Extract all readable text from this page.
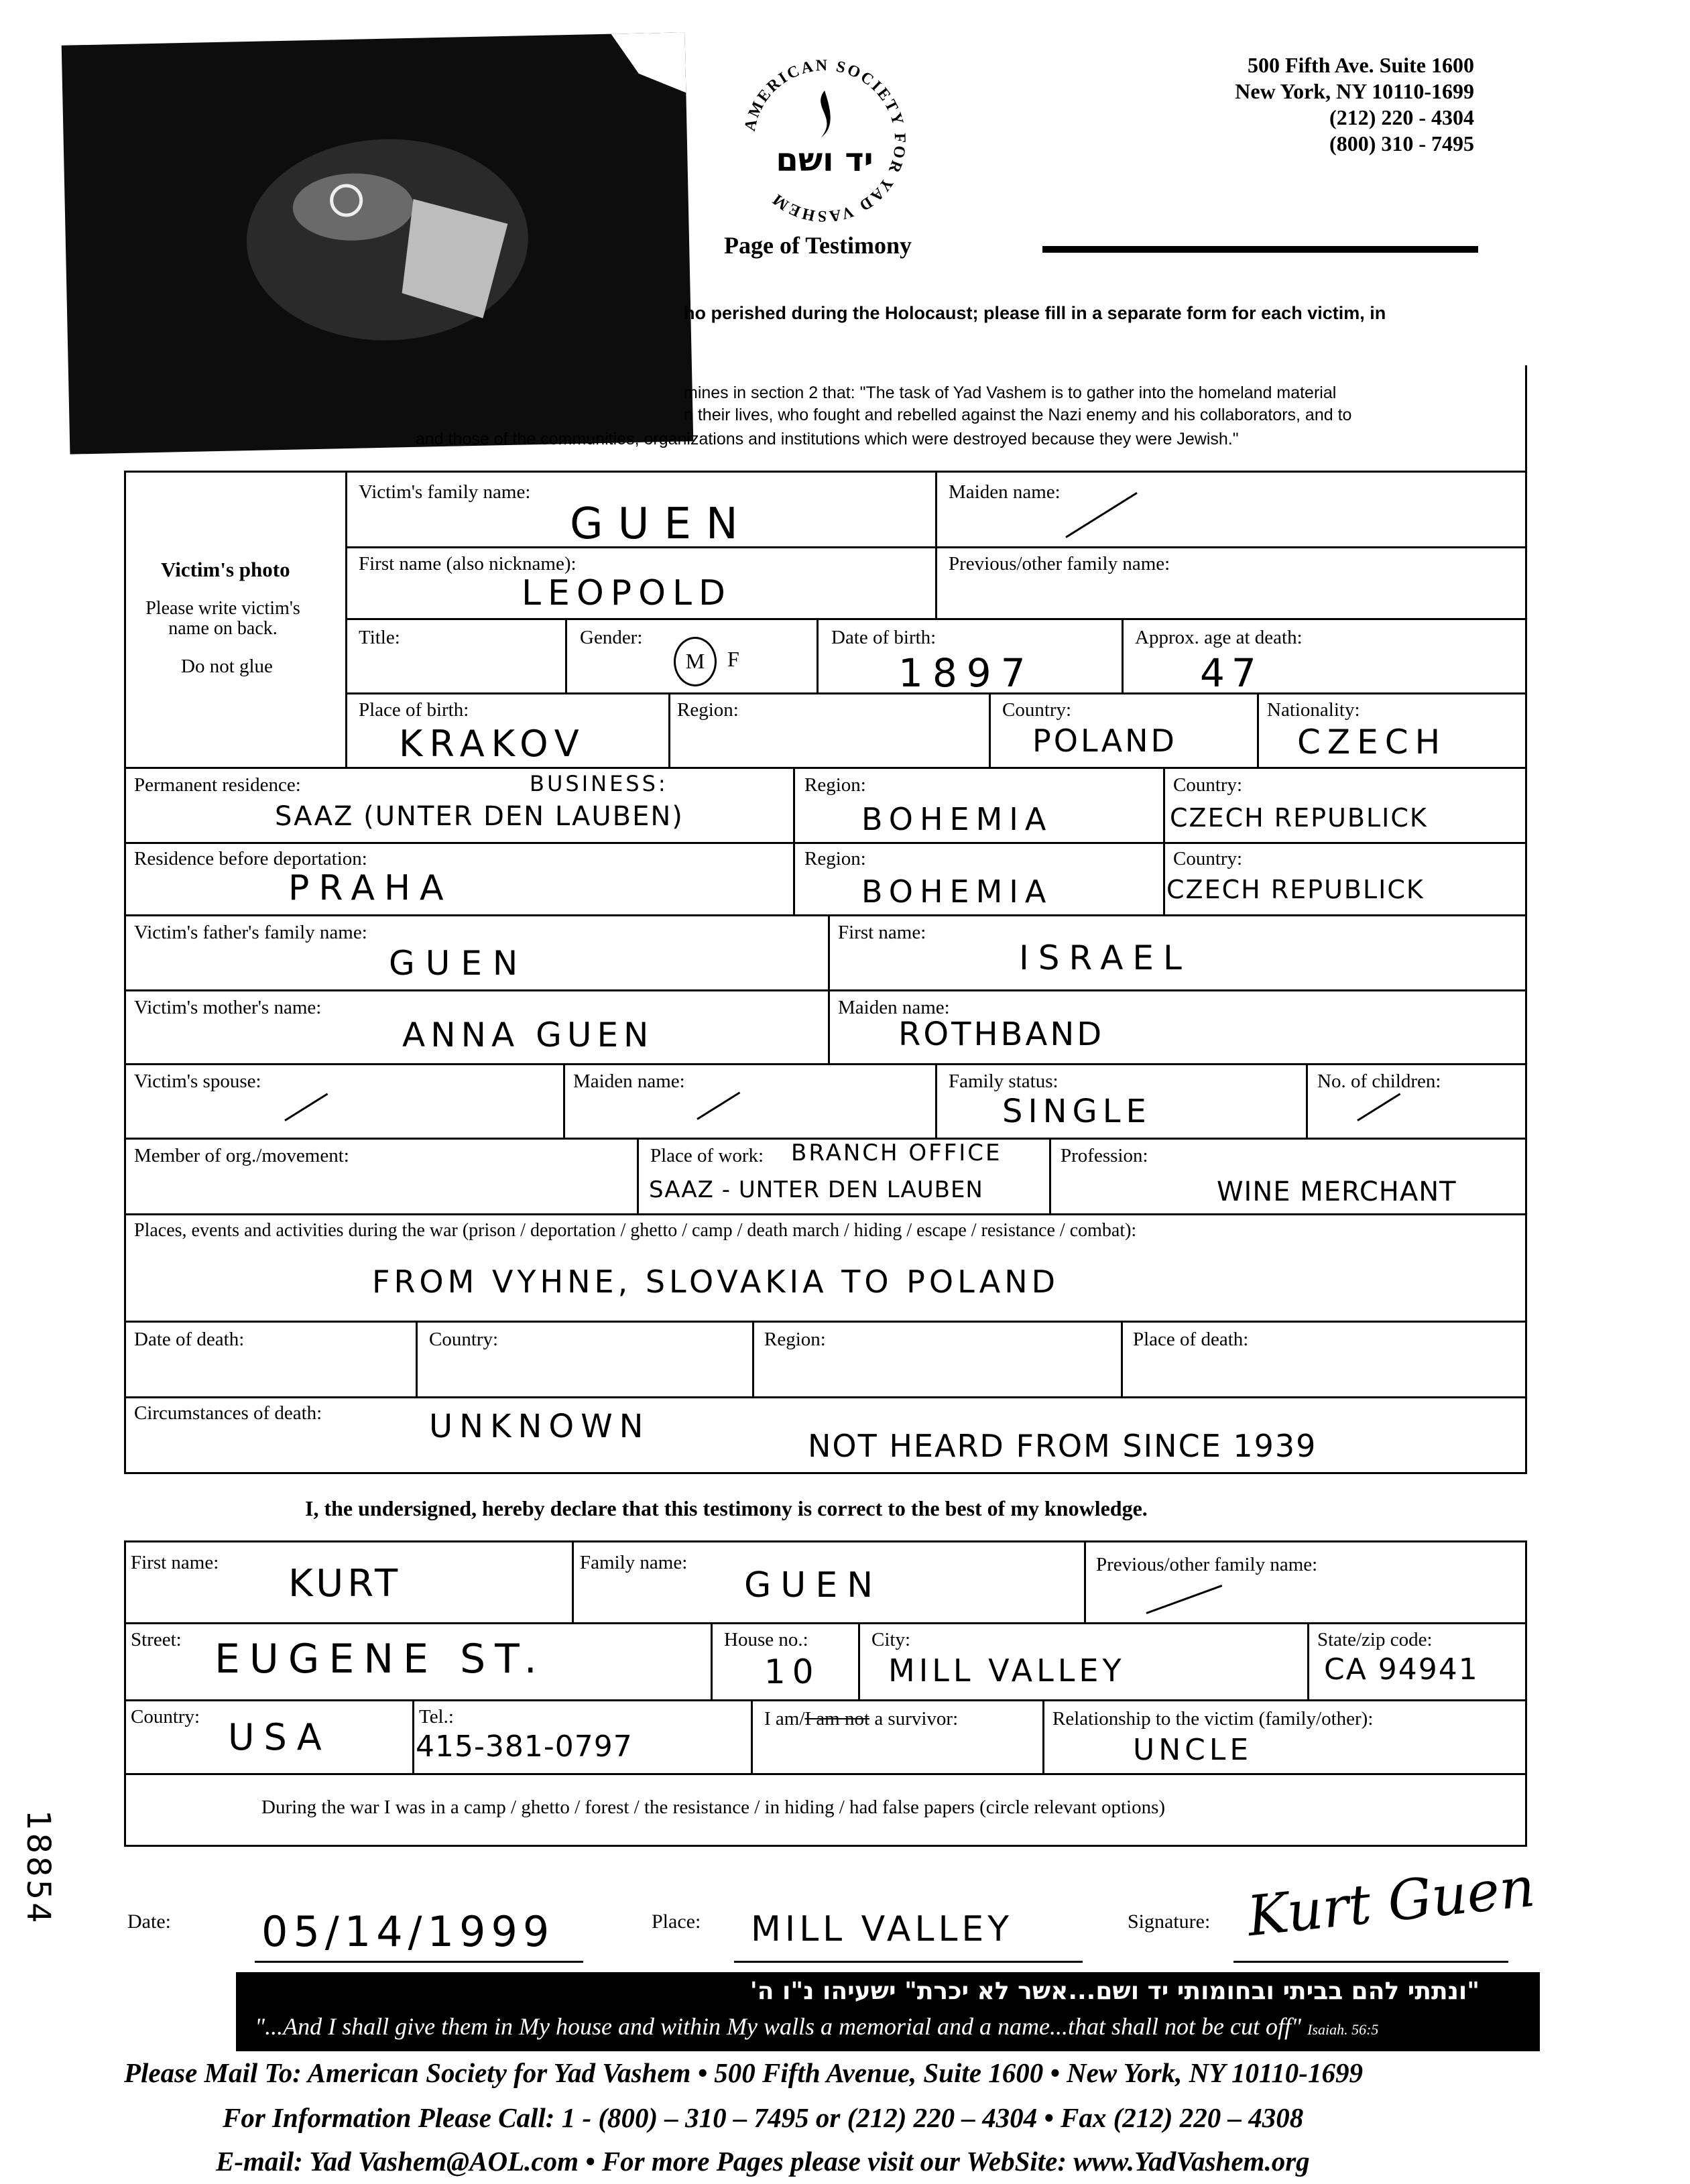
AMERICAN SOCIETY FOR YAD VASHEM
יד ושם
Page of Testimony
500 Fifth Ave. Suite 1600
New York, NY 10110-1699
(212) 220 - 4304
(800) 310 - 7495
ho perished during the Holocaust; please fill in a separate form for each victim, in
mines in section 2 that: "The task of Yad Vashem is to gather into the homeland material
n their lives, who fought and rebelled against the Nazi enemy and his collaborators, and to
and those of the communities, organizations and institutions which were destroyed because they were Jewish."
Victim's photo
Please write victim's name on back.
Do not glue
Victim's family name:
GUEN
Maiden name:
First name (also nickname):
LEOPOLD
Previous/other family name:
Title:	Gender:
M	F
Date of birth:
1897
Approx. age at death:
47
Place of birth:
KRAKOV
Region:	Country:
POLAND
Nationality:
CZECH
Permanent residence:	BUSINESS:
SAAZ (UNTER DEN LAUBEN)
Region:
BOHEMIA
Country:
CZECH REPUBLICK
Residence before deportation:
PRAHA
Region:
BOHEMIA
Country:
CZECH REPUBLICK
Victim's father's family name:
GUEN
First name:
ISRAEL
Victim's mother's name:
ANNA GUEN
Maiden name:
ROTHBAND
Victim's spouse:	Maiden name:	Family status:
SINGLE
No. of children:
Member of org./movement:	Place of work: BRANCH OFFICE
SAAZ - UNTER DEN LAUBEN
Profession:
WINE MERCHANT
Places, events and activities during the war (prison / deportation / ghetto / camp / death march / hiding / escape / resistance / combat):
FROM VYHNE, SLOVAKIA TO POLAND
Date of death:	Country:	Region:	Place of death:
Circumstances of death:	UNKNOWN
NOT HEARD FROM SINCE 1939
I, the undersigned, hereby declare that this testimony is correct to the best of my knowledge.
First name: KURT	Family name:
GUEN
Previous/other family name:
Street: EUGENE ST.	House no.:
10
City:
MILL VALLEY
State/zip code:
CA 94941
Country: USA	Tel.:
415-381-0797
I am/I am not a survivor:	Relationship to the victim (family/other):
UNCLE
During the war I was in a camp / ghetto / forest / the resistance / in hiding / had false papers (circle relevant options)
Date: 05/14/1999	Place: MILL VALLEY	Signature: Kurt Guen
"ונתתי להם בביתי ובחומותי יד ושם...אשר לא יכרת" ישעיהו נ"ו ה'
"...And I shall give them in My house and within My walls a memorial and a name...that shall not be cut off" Isaiah. 56:5
18854
Please Mail To: American Society for Yad Vashem • 500 Fifth Avenue, Suite 1600 • New York, NY 10110-1699
For Information Please Call: 1 - (800) – 310 – 7495 or (212) 220 – 4304 • Fax (212) 220 – 4308
E-mail: Yad Vashem@AOL.com • For more Pages please visit our WebSite: www.YadVashem.org
